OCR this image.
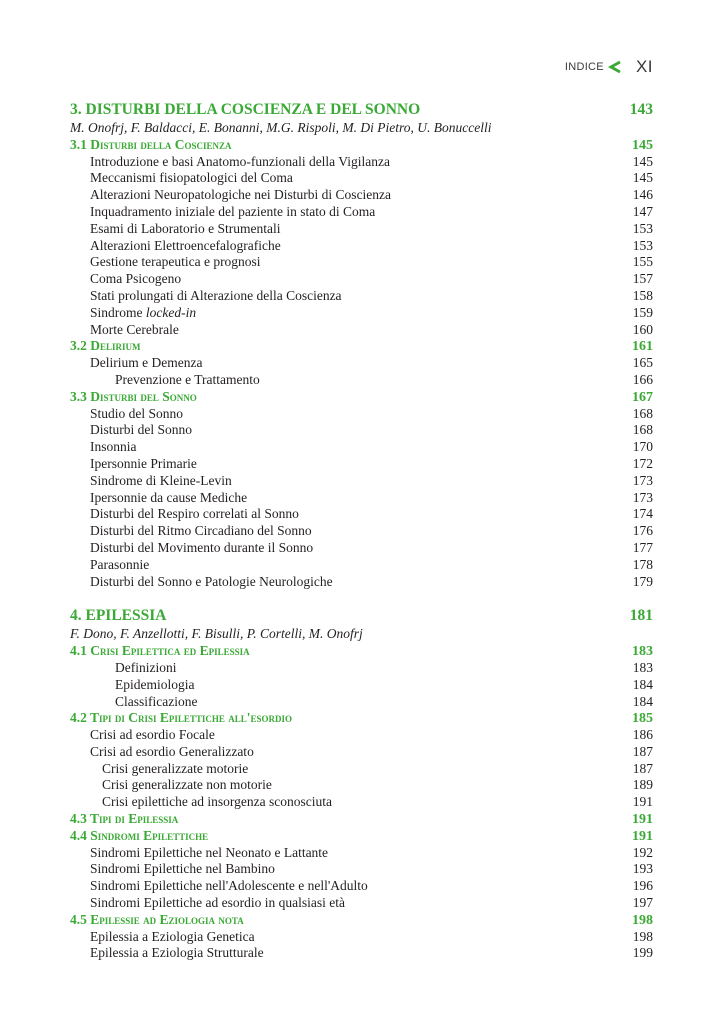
INDICE XI
3. DISTURBI DELLA COSCIENZA E DEL SONNO	143
M. Onofrj, F. Baldacci, E. Bonanni, M.G. Rispoli, M. Di Pietro, U. Bonuccelli
3.1 Disturbi della Coscienza	145
Introduzione e basi Anatomo-funzionali della Vigilanza	145
Meccanismi fisiopatologici del Coma	145
Alterazioni Neuropatologiche nei Disturbi di Coscienza	146
Inquadramento iniziale del paziente in stato di Coma	147
Esami di Laboratorio e Strumentali	153
Alterazioni Elettroencefalografiche	153
Gestione terapeutica e prognosi	155
Coma Psicogeno	157
Stati prolungati di Alterazione della Coscienza	158
Sindrome locked-in	159
Morte Cerebrale	160
3.2 Delirium	161
Delirium e Demenza	165
Prevenzione e Trattamento	166
3.3 Disturbi del Sonno	167
Studio del Sonno	168
Disturbi del Sonno	168
Insonnia	170
Ipersonnie Primarie	172
Sindrome di Kleine-Levin	173
Ipersonnie da cause Mediche	173
Disturbi del Respiro correlati al Sonno	174
Disturbi del Ritmo Circadiano del Sonno	176
Disturbi del Movimento durante il Sonno	177
Parasonnie	178
Disturbi del Sonno e Patologie Neurologiche	179
4. EPILESSIA	181
F. Dono, F. Anzellotti, F. Bisulli, P. Cortelli, M. Onofrj
4.1 Crisi Epilettica ed Epilessia	183
Definizioni	183
Epidemiologia	184
Classificazione	184
4.2 Tipi di Crisi Epilettiche all'esordio	185
Crisi ad esordio Focale	186
Crisi ad esordio Generalizzato	187
Crisi generalizzate motorie	187
Crisi generalizzate non motorie	189
Crisi epilettiche ad insorgenza sconosciuta	191
4.3 Tipi di Epilessia	191
4.4 Sindromi Epilettiche	191
Sindromi Epilettiche nel Neonato e Lattante	192
Sindromi Epilettiche nel Bambino	193
Sindromi Epilettiche nell'Adolescente e nell'Adulto	196
Sindromi Epilettiche ad esordio in qualsiasi età	197
4.5 Epilessie ad Eziologia nota	198
Epilessia a Eziologia Genetica	198
Epilessia a Eziologia Strutturale	199
